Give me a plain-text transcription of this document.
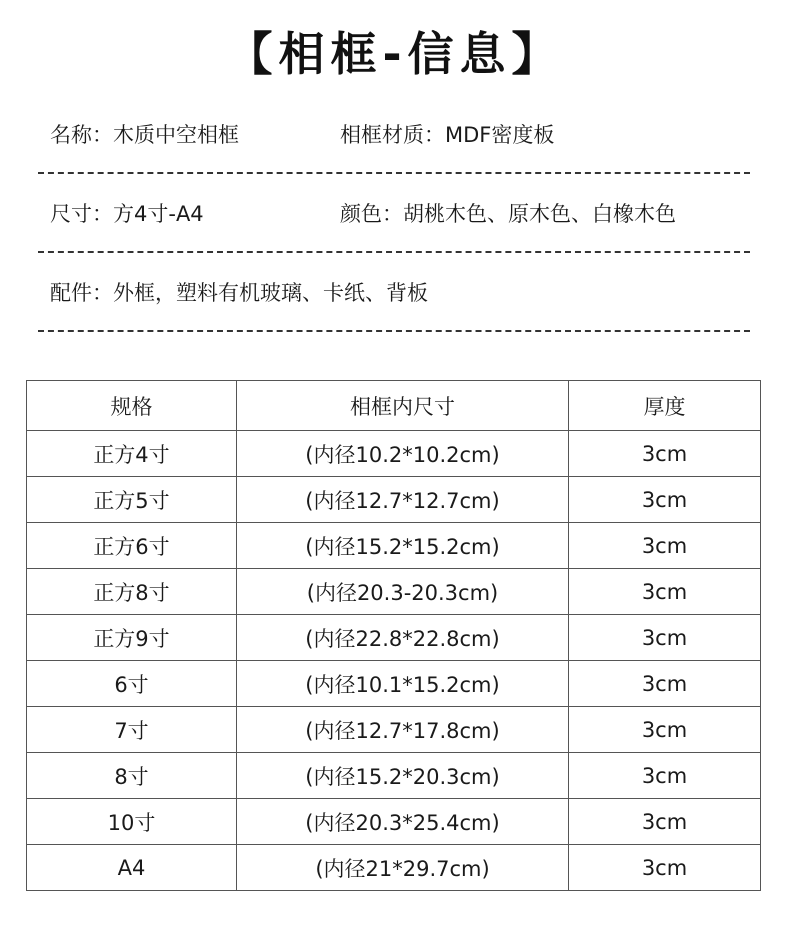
【相框-信息】
名称：木质中空相框	相框材质：MDF密度板
尺寸：方4寸-A4	颜色：胡桃木色、原木色、白橡木色
配件：外框，塑料有机玻璃、卡纸、背板
规格	相框内尺寸	厚度
正方4寸	(内径10.2*10.2cm)	3cm
正方5寸	(内径12.7*12.7cm)	3cm
正方6寸	(内径15.2*15.2cm)	3cm
正方8寸	(内径20.3-20.3cm)	3cm
正方9寸	(内径22.8*22.8cm)	3cm
6寸	(内径10.1*15.2cm)	3cm
7寸	(内径12.7*17.8cm)	3cm
8寸	(内径15.2*20.3cm)	3cm
10寸	(内径20.3*25.4cm)	3cm
A4	(内径21*29.7cm)	3cm
